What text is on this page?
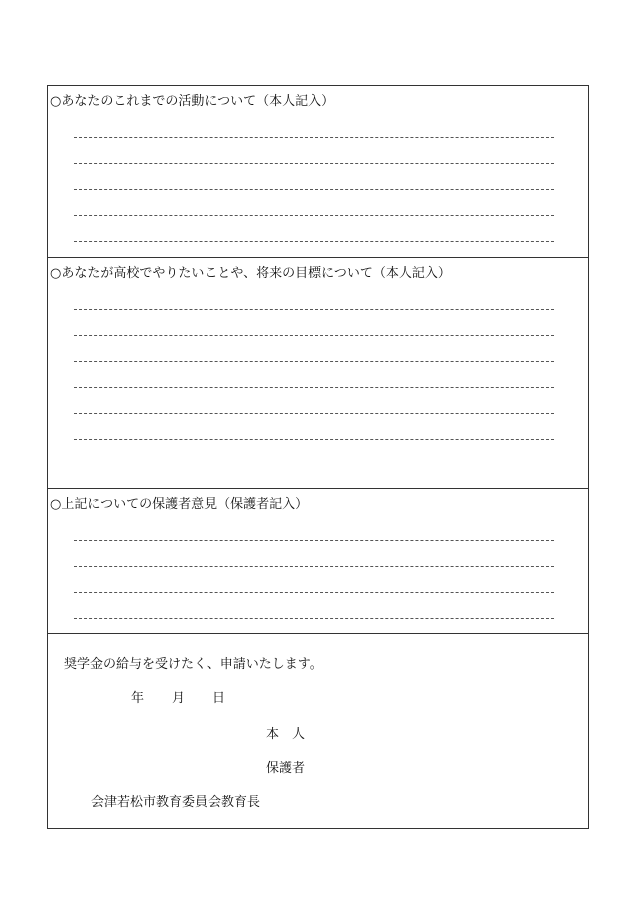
○あなたのこれまでの活動について（本人記入）
○あなたが高校でやりたいことや、将来の目標について（本人記入）
○上記についての保護者意見（保護者記入）
奨学金の給与を受けたく、申請いたします。
年 月 日
本　人
保護者
会津若松市教育委員会教育長
